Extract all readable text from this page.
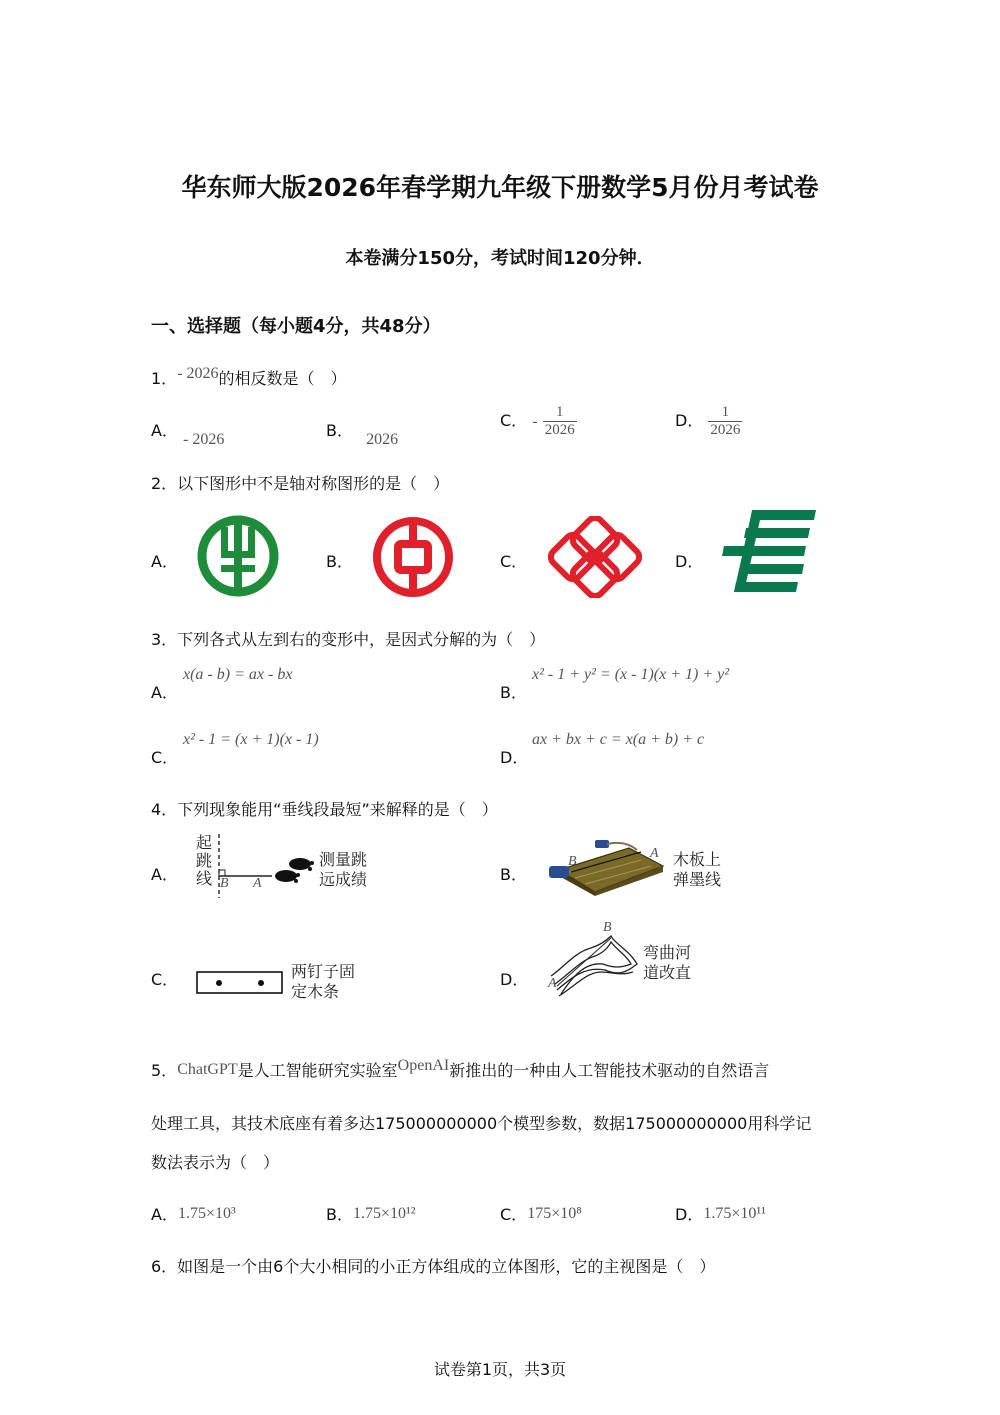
华东师大版2026年春学期九年级下册数学5月份月考试卷
本卷满分150分，考试时间120分钟．
一、选择题（每小题4分，共48分）
1．- 2026的相反数是（　）
A． - 2026	B． 2026
C． - $\frac{1}{2026}$	D． $\frac{1}{2026}$
2．以下图形中不是轴对称图形的是（　）
A．	B．	C．	D．
3．下列各式从左到右的变形中，是因式分解的为（　）
A．
x(a - b) = ax - bx
B．
x² - 1 + y² = (x - 1)(x + 1) + y²
C．
x² - 1 = (x + 1)(x - 1)
D．
ax + bx + c = x(a + b) + c
4．下列现象能用“垂线段最短”来解释的是（　）
A．
起跳线 B A
测量跳
远成绩	B．
B
A 木板上
弹墨线
C．	两钉子固
定木条
D．
B
A
弯曲河
道改直
5．ChatGPT是人工智能研究实验室OpenAI新推出的一种由人工智能技术驱动的自然语言
处理工具，其技术底座有着多达175000000000个模型参数，数据175000000000用科学记
数法表示为（　）
A．1.75×10³	B．1.75×10¹²	C．175×10⁸	D．1.75×10¹¹
6．如图是一个由6个大小相同的小正方体组成的立体图形，它的主视图是（　）
试卷第1页，共3页
